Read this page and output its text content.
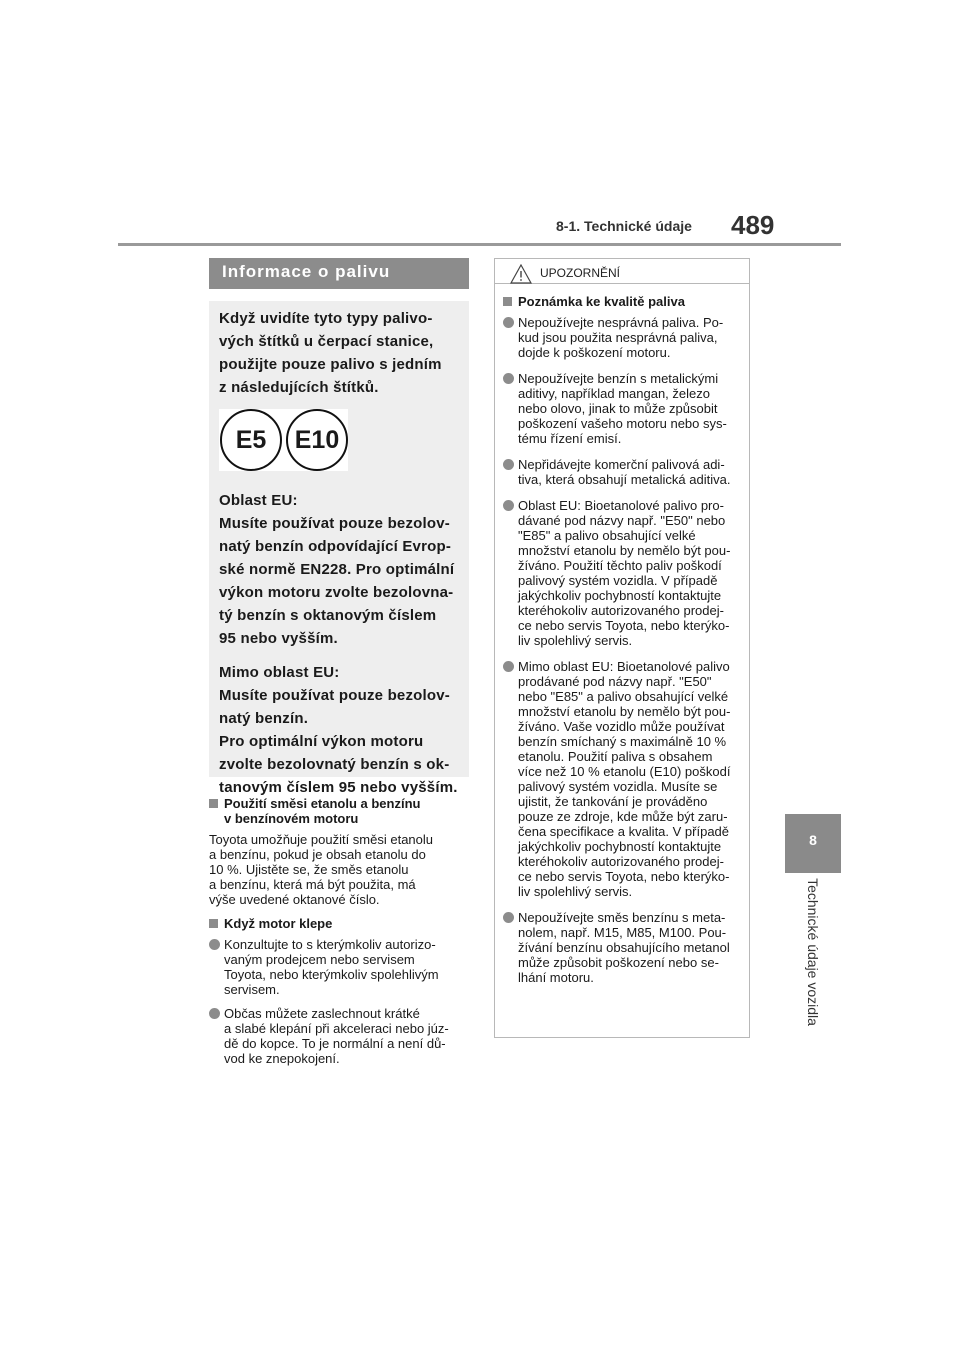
8-1. Technické údaje 489
8
Technické údaje vozidla
Informace o palivu

Když uvidíte tyto typy palivo-

vých štítků u čerpací stanice,

použijte pouze palivo s jedním

z následujících štítků.

E5	E10

Oblast EU:

Musíte používat pouze bezolov-

natý benzín odpovídající Evrop-

ské normě EN228. Pro optimální

výkon motoru zvolte bezolovna-

tý benzín s oktanovým číslem

95 nebo vyšším.

Mimo oblast EU:

Musíte používat pouze bezolov-

natý benzín.

Pro optimální výkon motoru

zvolte bezolovnatý benzín s ok-

tanovým číslem 95 nebo vyšším.

Použití směsi etanolu a benzínu
v benzínovém motoru
Toyota umožňuje použití směsi etanolu
a benzínu, pokud je obsah etanolu do
10 %. Ujistěte se, že směs etanolu
a benzínu, která má být použita, má
výše uvedené oktanové číslo.
Když motor klepe
Konzultujte to s kterýmkoliv autorizo-
vaným prodejcem nebo servisem
Toyota, nebo kterýmkoliv spolehlivým
servisem.
Občas můžete zaslechnout krátké
a slabé klepání při akceleraci nebo júz-
dě do kopce. To je normální a není dů-
vod ke znepokojení.
UPOZORNĚNÍ
Poznámka ke kvalitě paliva
Nepoužívejte nesprávná paliva. Po-
kud jsou použita nesprávná paliva,
dojde k poškození motoru.
Nepoužívejte benzín s metalickými
aditivy, například mangan, železo
nebo olovo, jinak to může způsobit
poškození vašeho motoru nebo sys-
tému řízení emisí.
Nepřidávejte komerční palivová adi-
tiva, která obsahují metalická aditiva.
Oblast EU: Bioetanolové palivo pro-
dávané pod názvy např. "E50" nebo
"E85" a palivo obsahující velké
množství etanolu by nemělo být pou-
žíváno. Použití těchto paliv poškodí
palivový systém vozidla. V případě
jakýchkoliv pochybností kontaktujte
kteréhokoliv autorizovaného prodej-
ce nebo servis Toyota, nebo kterýko-
liv spolehlivý servis.
Mimo oblast EU: Bioetanolové palivo
prodávané pod názvy např. "E50"
nebo "E85" a palivo obsahující velké
množství etanolu by nemělo být pou-
žíváno. Vaše vozidlo může používat
benzín smíchaný s maximálně 10 %
etanolu. Použití paliva s obsahem
více než 10 % etanolu (E10) poškodí
palivový systém vozidla. Musíte se
ujistit, že tankování je prováděno
pouze ze zdroje, kde může být zaru-
čena specifikace a kvalita. V případě
jakýchkoliv pochybností kontaktujte
kteréhokoliv autorizovaného prodej-
ce nebo servis Toyota, nebo kterýko-
liv spolehlivý servis.
Nepoužívejte směs benzínu s meta-
nolem, např. M15, M85, M100. Pou-
žívání benzínu obsahujícího metanol
může způsobit poškození nebo se-
lhání motoru.
